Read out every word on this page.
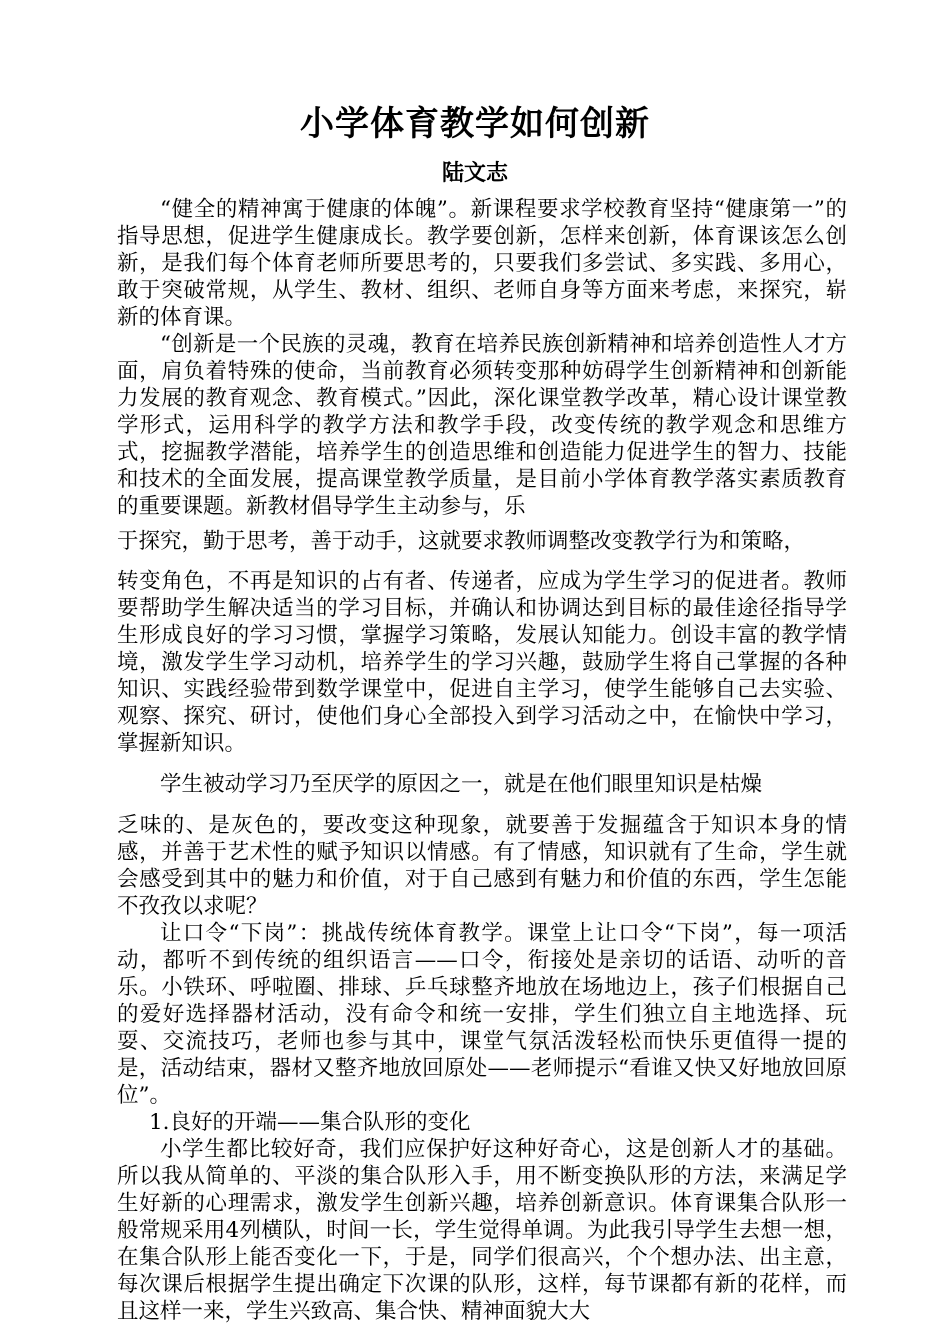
小学体育教学如何创新
陆文志

“健全的精神寓于健康的体魄”。新课程要求学校教育坚持“健康第一”的指导思想，促进学生健康成长。教学要创新，怎样来创新，体育课该怎么创新，是我们每个体育老师所要思考的，只要我们多尝试、多实践、多用心，敢于突破常规，从学生、教材、组织、老师自身等方面来考虑，来探究，崭新的体育课。

“创新是一个民族的灵魂，教育在培养民族创新精神和培养创造性人才方面，肩负着特殊的使命，当前教育必须转变那种妨碍学生创新精神和创新能力发展的教育观念、教育模式。”因此，深化课堂教学改革，精心设计课堂教学形式，运用科学的教学方法和教学手段，改变传统的教学观念和思维方式，挖掘教学潜能，培养学生的创造思维和创造能力促进学生的智力、技能和技术的全面发展，提高课堂教学质量，是目前小学体育教学落实素质教育的重要课题。新教材倡导学生主动参与，乐

于探究，勤于思考，善于动手，这就要求教师调整改变教学行为和策略，

转变角色，不再是知识的占有者、传递者，应成为学生学习的促进者。教师要帮助学生解决适当的学习目标，并确认和协调达到目标的最佳途径指导学生形成良好的学习习惯，掌握学习策略，发展认知能力。创设丰富的教学情境，激发学生学习动机，培养学生的学习兴趣，鼓励学生将自己掌握的各种知识、实践经验带到数学课堂中，促进自主学习，使学生能够自己去实验、观察、探究、研讨，使他们身心全部投入到学习活动之中，在愉快中学习，掌握新知识。

学生被动学习乃至厌学的原因之一，就是在他们眼里知识是枯燥

乏味的、是灰色的，要改变这种现象，就要善于发掘蕴含于知识本身的情感，并善于艺术性的赋予知识以情感。有了情感，知识就有了生命，学生就会感受到其中的魅力和价值，对于自己感到有魅力和价值的东西，学生怎能不孜孜以求呢？

让口令“下岗”：挑战传统体育教学。课堂上让口令“下岗”，每一项活动，都听不到传统的组织语言——口令，衔接处是亲切的话语、动听的音乐。小铁环、呼啦圈、排球、乒乓球整齐地放在场地边上，孩子们根据自己的爱好选择器材活动，没有命令和统一安排，学生们独立自主地选择、玩耍、交流技巧，老师也参与其中，课堂气氛活泼轻松而快乐更值得一提的是，活动结束，器材又整齐地放回原处——老师提示“看谁又快又好地放回原位”。

1.良好的开端——集合队形的变化

小学生都比较好奇，我们应保护好这种好奇心，这是创新人才的基础。所以我从简单的、平淡的集合队形入手，用不断变换队形的方法，来满足学生好新的心理需求，激发学生创新兴趣，培养创新意识。体育课集合队形一般常规采用4列横队，时间一长，学生觉得单调。为此我引导学生去想一想，在集合队形上能否变化一下，于是，同学们很高兴，个个想办法、出主意，每次课后根据学生提出确定下次课的队形，这样，每节课都有新的花样，而且这样一来，学生兴致高、集合快、精神面貌大大
